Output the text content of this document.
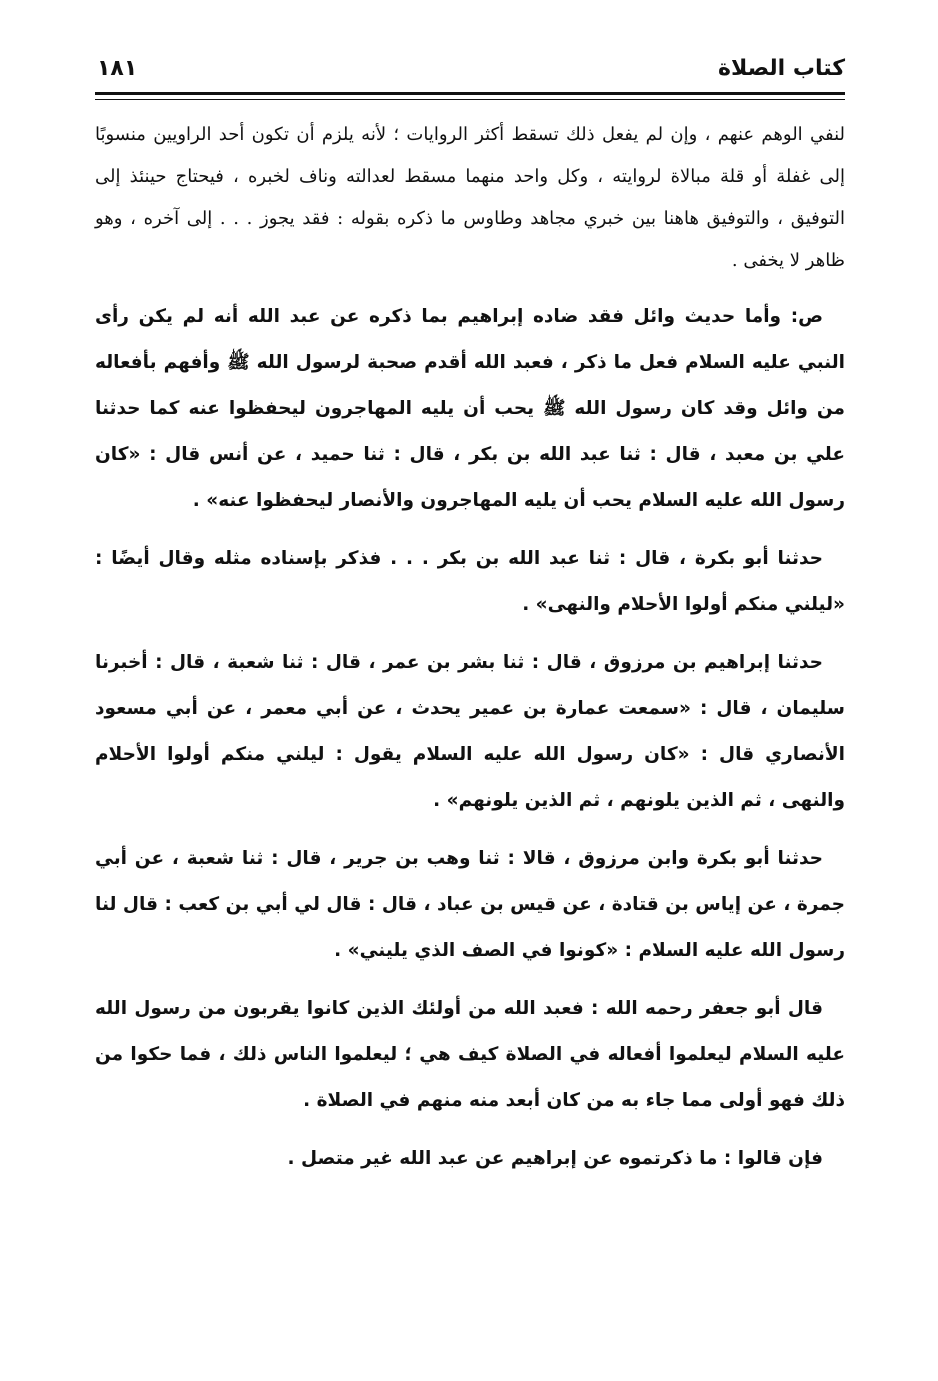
كتاب الصلاة
١٨١

لنفي الوهم عنهم ، وإن لم يفعل ذلك تسقط أكثر الروايات ؛ لأنه يلزم أن تكون أحد الراويين منسوبًا إلى غفلة أو قلة مبالاة لروايته ، وكل واحد منهما مسقط لعدالته وناف لخبره ، فيحتاج حينئذ إلى التوفيق ، والتوفيق هاهنا بين خبري مجاهد وطاوس ما ذكره بقوله : فقد يجوز . . . إلى آخره ، وهو ظاهر لا يخفى .

ص: وأما حديث وائل فقد ضاده إبراهيم بما ذكره عن عبد الله أنه لم يكن رأى النبي عليه السلام فعل ما ذكر ، فعبد الله أقدم صحبة لرسول الله ﷺ وأفهم بأفعاله من وائل وقد كان رسول الله ﷺ يحب أن يليه المهاجرون ليحفظوا عنه كما حدثنا علي بن معبد ، قال : ثنا عبد الله بن بكر ، قال : ثنا حميد ، عن أنس قال : «كان رسول الله عليه السلام يحب أن يليه المهاجرون والأنصار ليحفظوا عنه» .

حدثنا أبو بكرة ، قال : ثنا عبد الله بن بكر . . . فذكر بإسناده مثله وقال أيضًا : «ليلني منكم أولوا الأحلام والنهى» .

حدثنا إبراهيم بن مرزوق ، قال : ثنا بشر بن عمر ، قال : ثنا شعبة ، قال : أخبرنا سليمان ، قال : «سمعت عمارة بن عمير يحدث ، عن أبي معمر ، عن أبي مسعود الأنصاري قال : «كان رسول الله عليه السلام يقول : ليلني منكم أولوا الأحلام والنهى ، ثم الذين يلونهم ، ثم الذين يلونهم» .

حدثنا أبو بكرة وابن مرزوق ، قالا : ثنا وهب بن جرير ، قال : ثنا شعبة ، عن أبي جمرة ، عن إياس بن قتادة ، عن قيس بن عباد ، قال : قال لي أبي بن كعب : قال لنا رسول الله عليه السلام : «كونوا في الصف الذي يليني» .

قال أبو جعفر رحمه الله : فعبد الله من أولئك الذين كانوا يقربون من رسول الله عليه السلام ليعلموا أفعاله في الصلاة كيف هي ؛ ليعلموا الناس ذلك ، فما حكوا من ذلك فهو أولى مما جاء به من كان أبعد منه منهم في الصلاة .

فإن قالوا : ما ذكرتموه عن إبراهيم عن عبد الله غير متصل .
